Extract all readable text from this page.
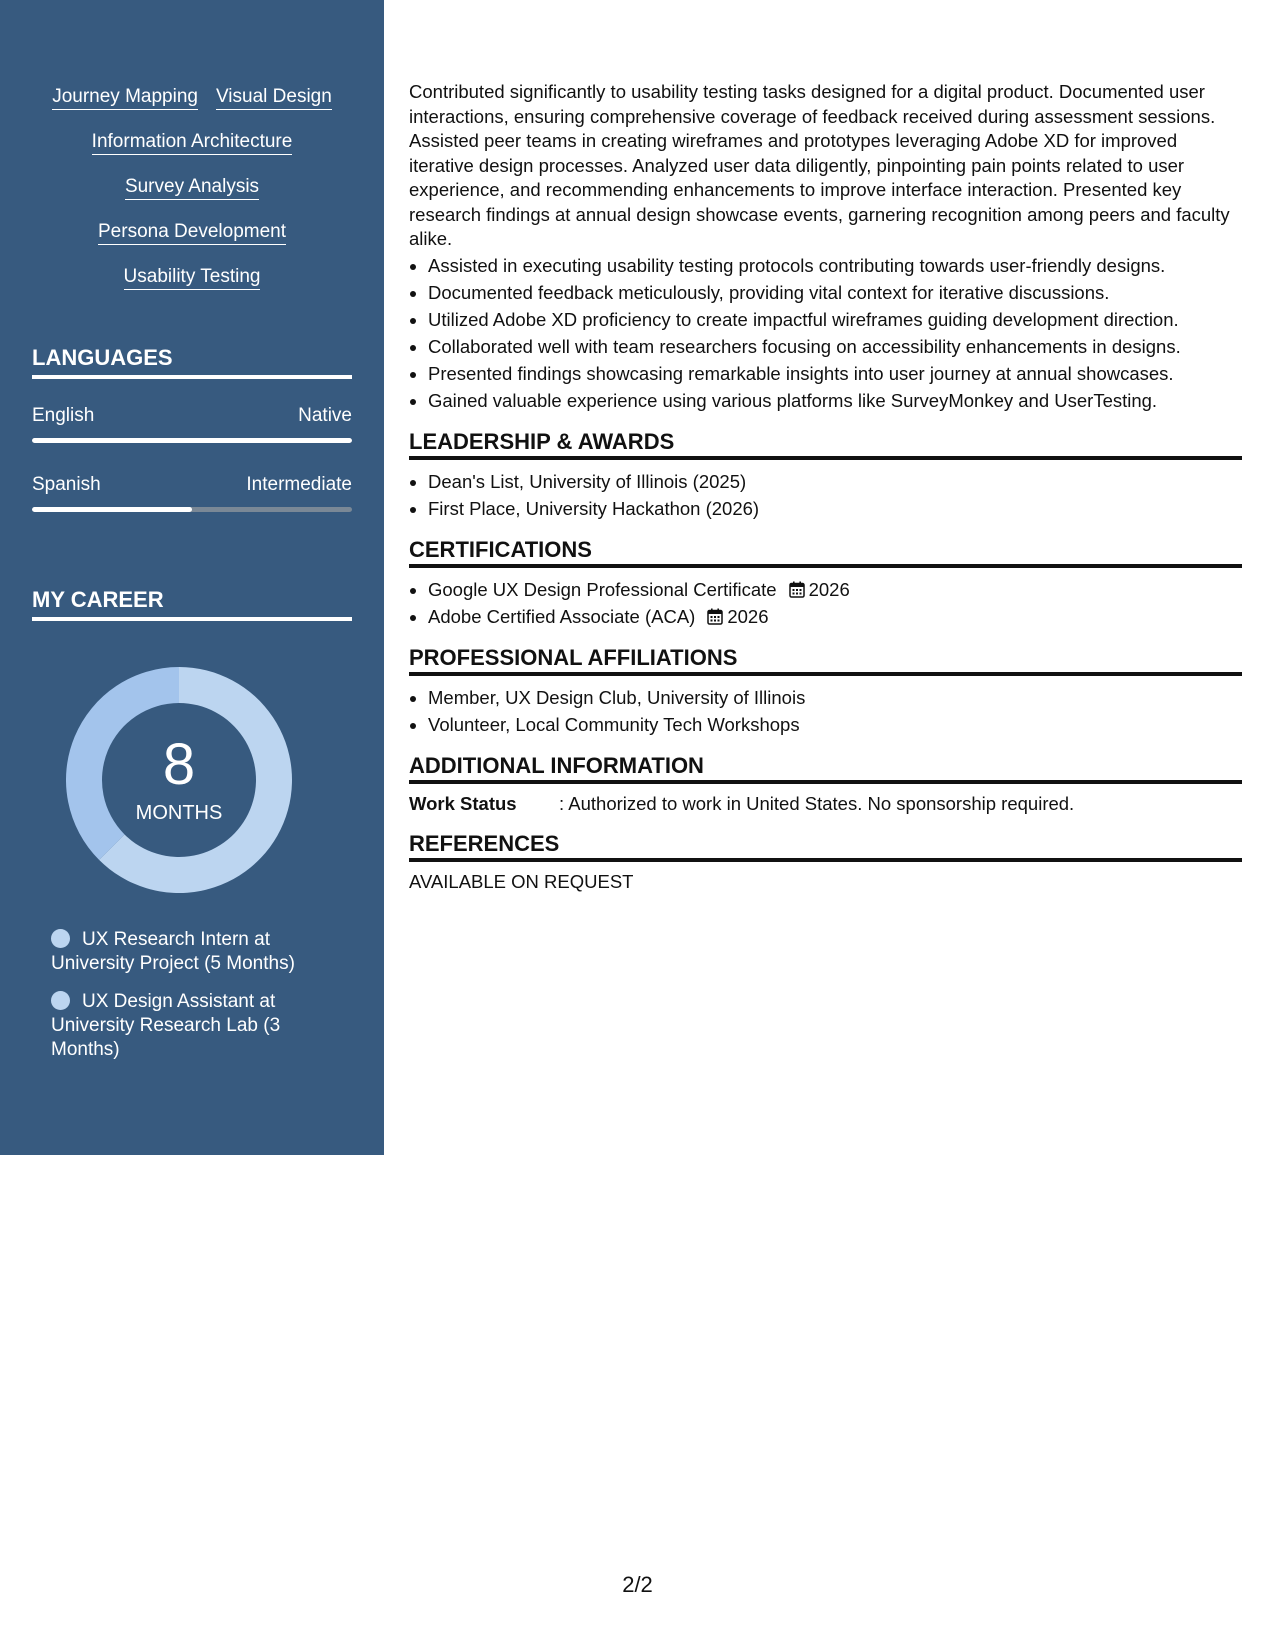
Journey Mapping Visual Design
Information Architecture
Survey Analysis
Persona Development
Usability Testing
LANGUAGES
English	Native
Spanish	Intermediate
MY CAREER
8
MONTHS
UX Research Intern at University Project (5 Months)
UX Design Assistant at University Research Lab (3 Months)

Contributed significantly to usability testing tasks designed for a digital product. Documented user interactions, ensuring comprehensive coverage of feedback received during assessment sessions. Assisted peer teams in creating wireframes and prototypes leveraging Adobe XD for improved iterative design processes. Analyzed user data diligently, pinpointing pain points related to user experience, and recommending enhancements to improve interface interaction. Presented key research findings at annual design showcase events, garnering recognition among peers and faculty alike.

• Assisted in executing usability testing protocols contributing towards user-friendly designs.
• Documented feedback meticulously, providing vital context for iterative discussions.
• Utilized Adobe XD proficiency to create impactful wireframes guiding development direction.
• Collaborated well with team researchers focusing on accessibility enhancements in designs.
• Presented findings showcasing remarkable insights into user journey at annual showcases.
• Gained valuable experience using various platforms like SurveyMonkey and UserTesting.
LEADERSHIP & AWARDS
• Dean's List, University of Illinois (2025)
• First Place, University Hackathon (2026)
CERTIFICATIONS
• Google UX Design Professional Certificate 2026
• Adobe Certified Associate (ACA) 2026
PROFESSIONAL AFFILIATIONS
• Member, UX Design Club, University of Illinois
• Volunteer, Local Community Tech Workshops
ADDITIONAL INFORMATION
Work Status	: Authorized to work in United States. No sponsorship required.
REFERENCES
AVAILABLE ON REQUEST
2/2
